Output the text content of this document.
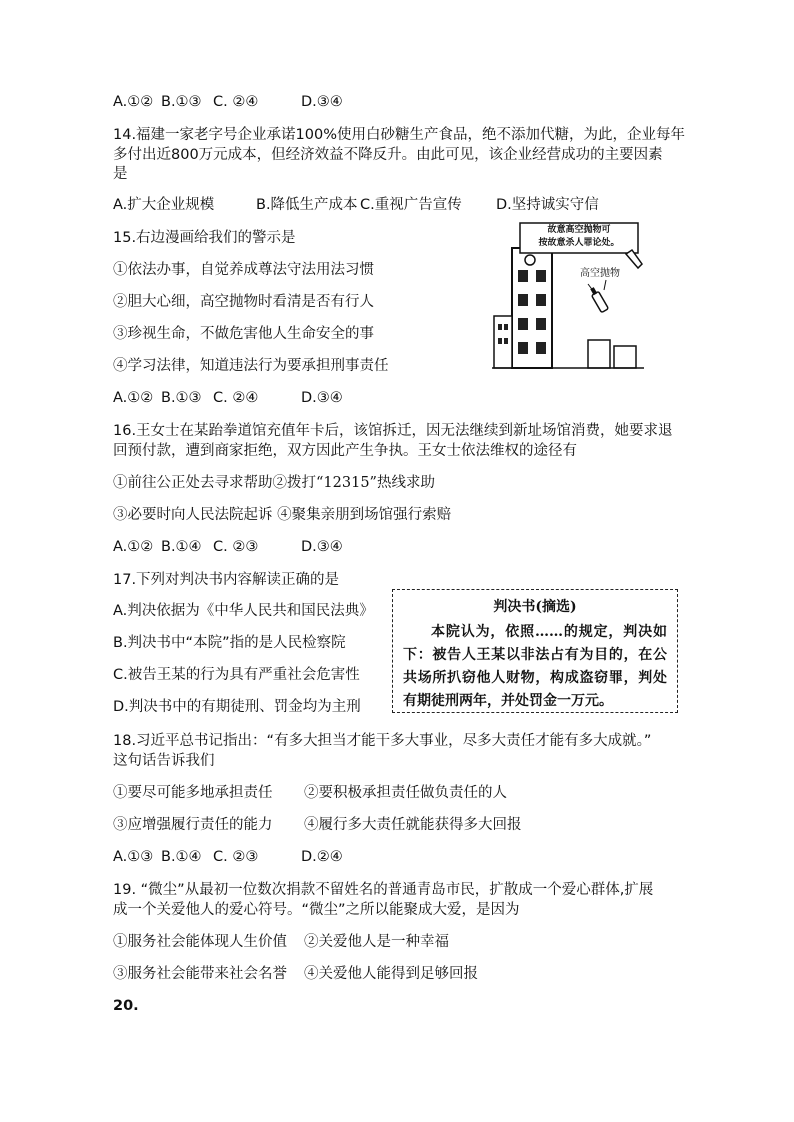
A.①② B.①③ C. ②④	D.③④
14.福建一家老字号企业承诺100%使用白砂糖生产食品，绝不添加代糖，为此，企业每年
多付出近800万元成本，但经济效益不降反升。由此可见，该企业经营成功的主要因素
是
A.扩大企业规模	B.降低生产成本 C.重视广告宣传 D.坚持诚实守信
15.右边漫画给我们的警示是
①依法办事，自觉养成尊法守法用法习惯
②胆大心细，高空抛物时看清是否有行人
③珍视生命，不做危害他人生命安全的事
④学习法律，知道违法行为要承担刑事责任
A.①② B.①③ C. ②④	D.③④
故意高空抛物可
按故意杀人罪论处。
高空抛物
16.王女士在某跆拳道馆充值年卡后，该馆拆迁，因无法继续到新址场馆消费，她要求退
回预付款，遭到商家拒绝，双方因此产生争执。王女士依法维权的途径有
①前往公正处去寻求帮助②拨打“12315”热线求助
③必要时向人民法院起诉 ④聚集亲朋到场馆强行索赔
A.①② B.①④ C. ②③	D.③④
17.下列对判决书内容解读正确的是
A.判决依据为《中华人民共和国民法典》
B.判决书中“本院”指的是人民检察院
C.被告王某的行为具有严重社会危害性
D.判决书中的有期徒刑、罚金均为主刑
判决书(摘选)
本院认为，依照……的规定，判决如下：被告人王某以非法占有为目的，在公共场所扒窃他人财物，构成盗窃罪，判处有期徒刑两年，并处罚金一万元。
18.习近平总书记指出：“有多大担当才能干多大事业，尽多大责任才能有多大成就。”
这句话告诉我们
①要尽可能多地承担责任 ②要积极承担责任做负责任的人
③应增强履行责任的能力 ④履行多大责任就能获得多大回报
A.①③ B.①④ C. ②③	D.②④
19. “微尘”从最初一位数次捐款不留姓名的普通青岛市民，扩散成一个爱心群体,扩展
成一个关爱他人的爱心符号。“微尘”之所以能聚成大爱，是因为
①服务社会能体现人生价值 ②关爱他人是一种幸福
③服务社会能带来社会名誉 ④关爱他人能得到足够回报
20.
